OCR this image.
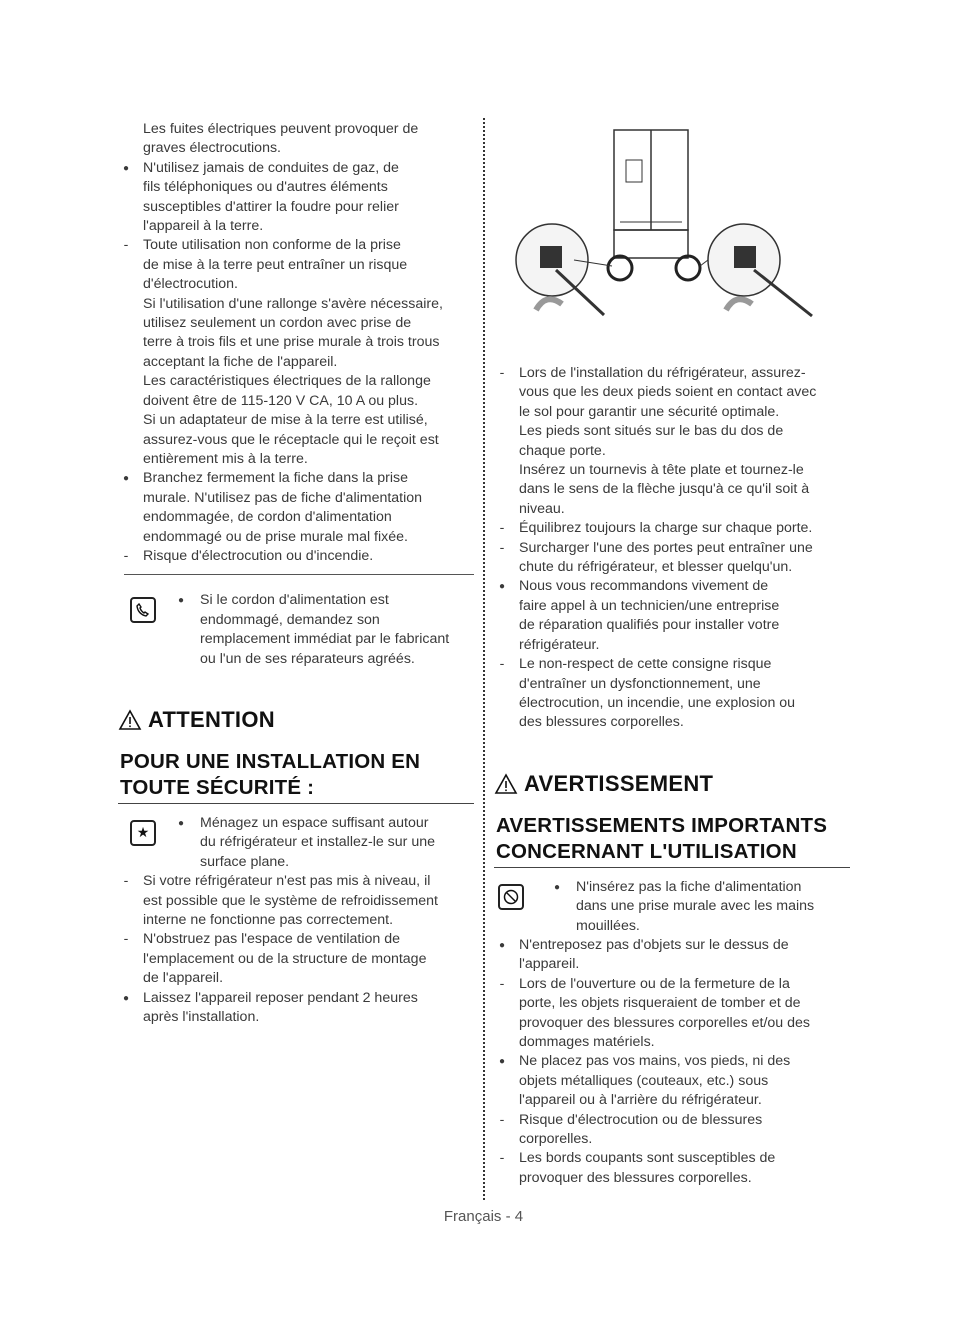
Les fuites électriques peuvent provoquer de
graves électrocutions.
● N'utilisez jamais de conduites de gaz, de
fils téléphoniques ou d'autres éléments
susceptibles d'attirer la foudre pour relier
l'appareil à la terre.
- Toute utilisation non conforme de la prise
de mise à la terre peut entraîner un risque
d'électrocution.
Si l'utilisation d'une rallonge s'avère nécessaire,
utilisez seulement un cordon avec prise de
terre à trois fils et une prise murale à trois trous
acceptant la fiche de l'appareil.
Les caractéristiques électriques de la rallonge
doivent être de 115-120 V CA, 10 A ou plus.
Si un adaptateur de mise à la terre est utilisé,
assurez-vous que le réceptacle qui le reçoit est
entièrement mis à la terre.
● Branchez fermement la fiche dans la prise
murale. N'utilisez pas de fiche d'alimentation
endommagée, de cordon d'alimentation
endommagé ou de prise murale mal fixée.
- Risque d'électrocution ou d'incendie.
● Si le cordon d'alimentation est
endommagé, demandez son
remplacement immédiat par le fabricant
ou l'un de ses réparateurs agréés.
ATTENTION
POUR UNE INSTALLATION EN
TOUTE SÉCURITÉ :
★
● Ménagez un espace suffisant autour
du réfrigérateur et installez-le sur une
surface plane.
- Si votre réfrigérateur n'est pas mis à niveau, il
est possible que le système de refroidissement
interne ne fonctionne pas correctement.
- N'obstruez pas l'espace de ventilation de
l'emplacement ou de la structure de montage
de l'appareil.
● Laissez l'appareil reposer pendant 2 heures
après l'installation.
- Lors de l'installation du réfrigérateur, assurez-
vous que les deux pieds soient en contact avec
le sol pour garantir une sécurité optimale.
Les pieds sont situés sur le bas du dos de
chaque porte.
Insérez un tournevis à tête plate et tournez-le
dans le sens de la flèche jusqu'à ce qu'il soit à
niveau.
- Équilibrez toujours la charge sur chaque porte.
- Surcharger l'une des portes peut entraîner une
chute du réfrigérateur, et blesser quelqu'un.
● Nous vous recommandons vivement de
faire appel à un technicien/une entreprise
de réparation qualifiés pour installer votre
réfrigérateur.
- Le non-respect de cette consigne risque
d'entraîner un dysfonctionnement, une
électrocution, un incendie, une explosion ou
des blessures corporelles.
AVERTISSEMENT
AVERTISSEMENTS IMPORTANTS
CONCERNANT L'UTILISATION
● N'insérez pas la fiche d'alimentation
dans une prise murale avec les mains
mouillées.
● N'entreposez pas d'objets sur le dessus de
l'appareil.
- Lors de l'ouverture ou de la fermeture de la
porte, les objets risqueraient de tomber et de
provoquer des blessures corporelles et/ou des
dommages matériels.
● Ne placez pas vos mains, vos pieds, ni des
objets métalliques (couteaux, etc.) sous
l'appareil ou à l'arrière du réfrigérateur.
- Risque d'électrocution ou de blessures
corporelles.
- Les bords coupants sont susceptibles de
provoquer des blessures corporelles.
Français - 4
